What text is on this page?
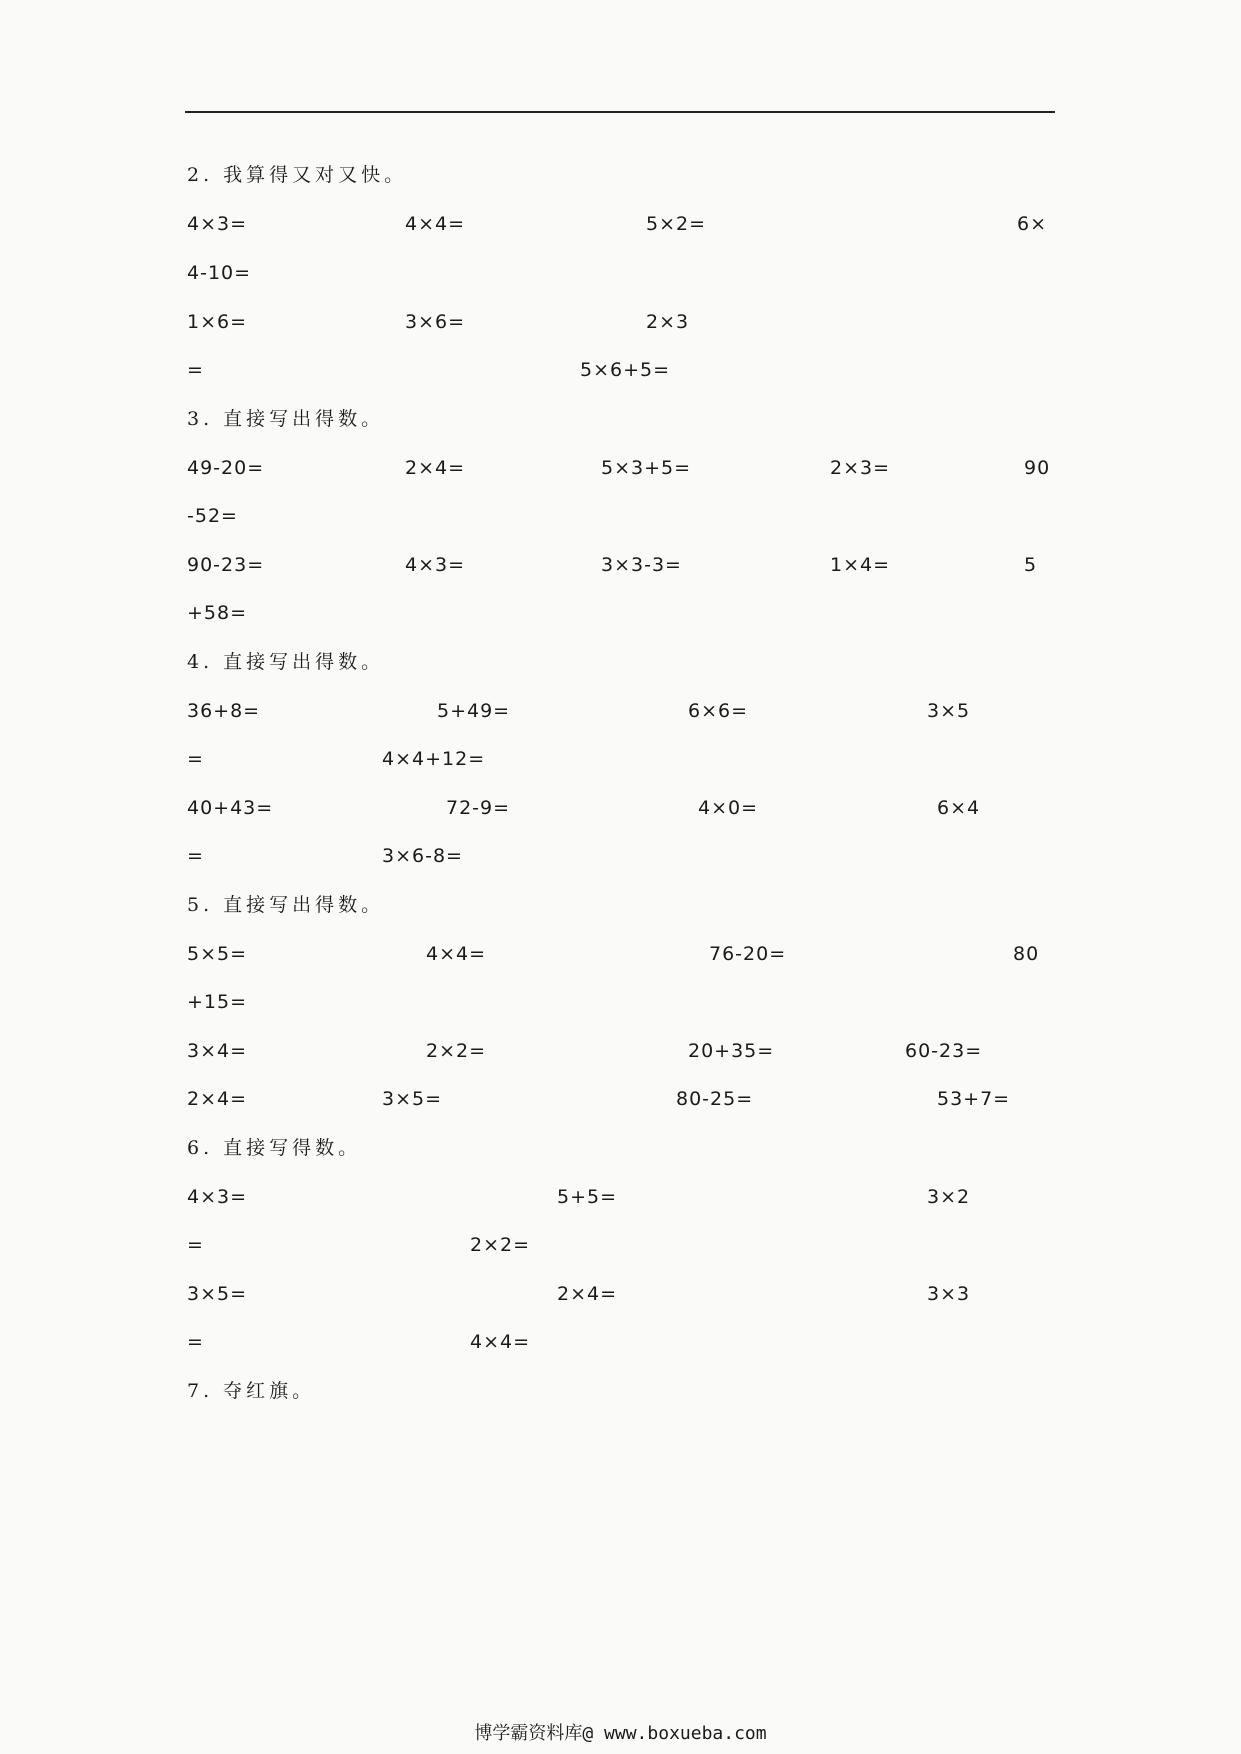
2. 我算得又对又快。
4×3=	4×4=	5×2=	6×
4-10=
1×6=	3×6=	2×3
=	5×6+5=
3. 直接写出得数。
49-20=	2×4=	5×3+5=	2×3=	90
-52=
90-23=	4×3=	3×3-3=	1×4=	5
+58=
4. 直接写出得数。
36+8=	5+49=	6×6=	3×5
=	4×4+12=
40+43=	72-9=	4×0=	6×4
=	3×6-8=
5. 直接写出得数。
5×5=	4×4=	76-20=	80
+15=
3×4=	2×2=	20+35=	60-23=
2×4=	3×5=	80-25=	53+7=
6. 直接写得数。
4×3=	5+5=	3×2
=	2×2=
3×5=	2×4=	3×3
=	4×4=
7. 夺红旗。
博学霸资料库@ www.boxueba.com
